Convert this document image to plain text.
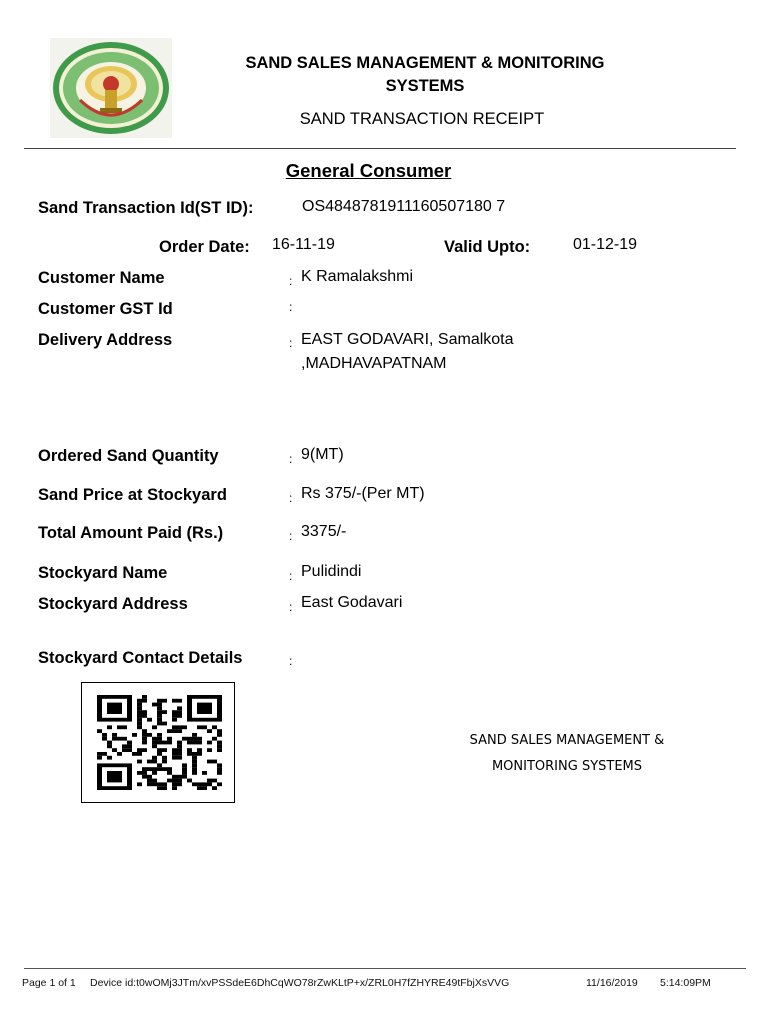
SAND SALES MANAGEMENT & MONITORING
SYSTEMS
SAND TRANSACTION RECEIPT
General Consumer
Sand Transaction Id(ST ID):	OS4848781911160507180 7
Order Date: 16-11-19	Valid Upto:	01-12-19
Customer Name	: K Ramalakshmi
Customer GST Id	:
Delivery Address	: EAST GODAVARI, Samalkota ,MADHAVAPATNAM
Ordered Sand Quantity	: 9(MT)
Sand Price at Stockyard	: Rs 375/-(Per MT)
Total Amount Paid (Rs.)	: 3375/-
Stockyard Name	: Pulidindi
Stockyard Address	: East Godavari
Stockyard Contact Details	:
SAND SALES MANAGEMENT &
MONITORING SYSTEMS
Page 1 of 1 Device id:t0wOMj3JTm/xvPSSdeE6DhCqWO78rZwKLtP+x/ZRL0H7fZHYRE49tFbjXsVVG	11/16/2019 5:14:09PM
